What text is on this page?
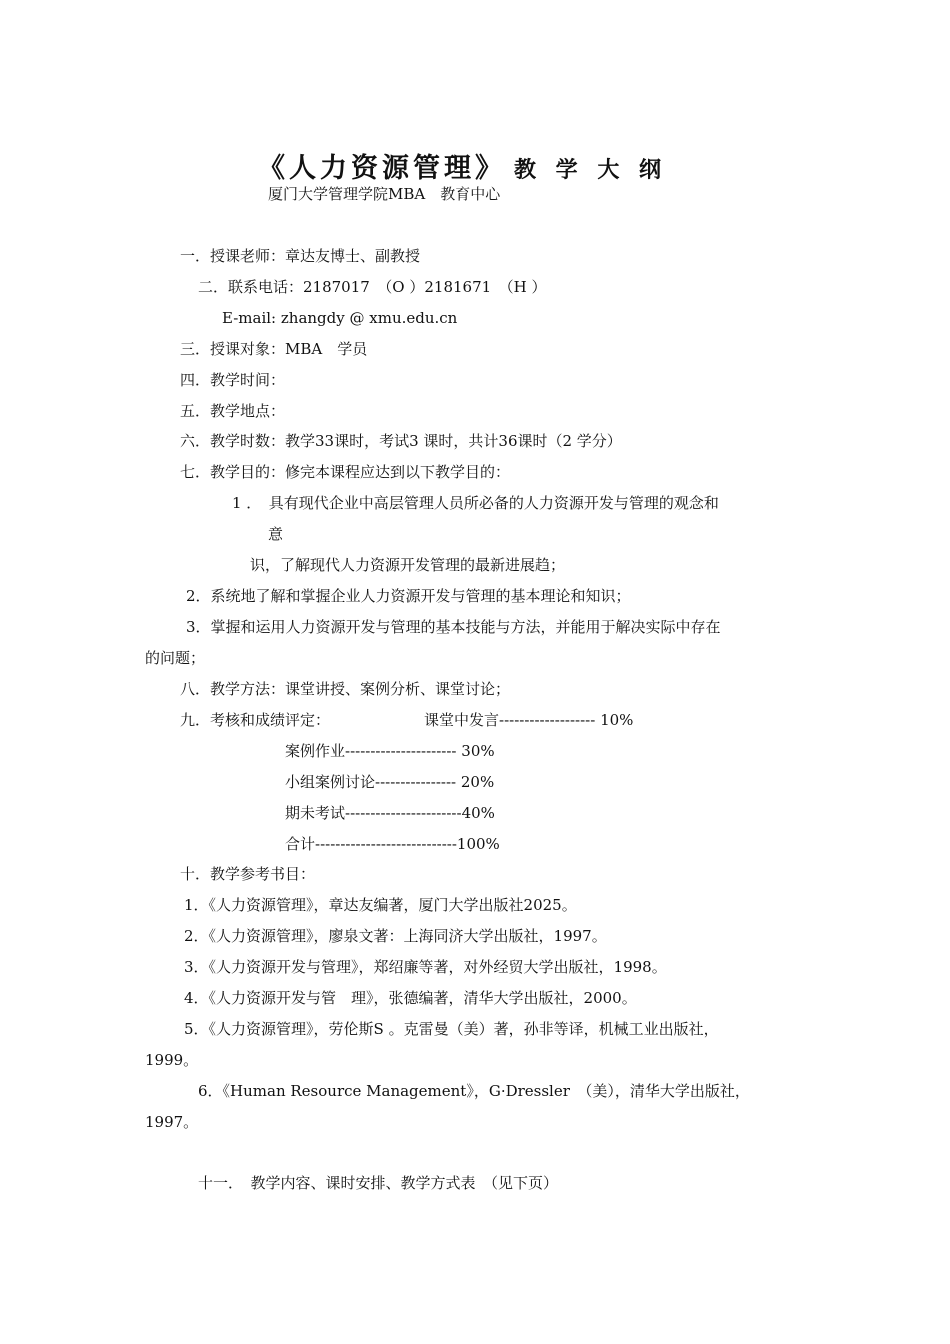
《人力资源管理》 教 学 大 纲
厦门大学管理学院MBA　教育中心
一．授课老师：章达友博士、副教授
二．联系电话：2187017　（O ）2181671　（H ）
E-mail: zhangdy @ xmu.edu.cn
三．授课对象：MBA　学员
四．教学时间：
五．教学地点：
六．教学时数：教学33课时，考试3 课时，共计36课时（2 学分）
七．教学目的：修完本课程应达到以下教学目的：
1 ．　具有现代企业中高层管理人员所必备的人力资源开发与管理的观念和
意
识，了解现代人力资源开发管理的最新进展趋；
2．系统地了解和掌握企业人力资源开发与管理的基本理论和知识；
3．掌握和运用人力资源开发与管理的基本技能与方法，并能用于解决实际中存在
的问题；
八．教学方法：课堂讲授、案例分析、课堂讨论；
九．考核和成绩评定：	课堂中发言------------------- 10%
案例作业---------------------- 30%
小组案例讨论---------------- 20%
期未考试-----------------------40%
合计----------------------------100%
十．教学参考书目：
1．《人力资源管理》，章达友编著，厦门大学出版社2025。
2．《人力资源管理》，廖泉文著：上海同济大学出版社，1997。
3．《人力资源开发与管理》，郑绍廉等著，对外经贸大学出版社，1998。
4．《人力资源开发与管　理》，张德编著，清华大学出版社，2000。
5．《人力资源管理》，劳伦斯S 。克雷曼（美）著，孙非等译，机械工业出版社，
1999。
6．《Human Resource Management》，G·Dressler　（美），清华大学出版社，
1997。
十一．　教学内容、课时安排、教学方式表　（见下页）
